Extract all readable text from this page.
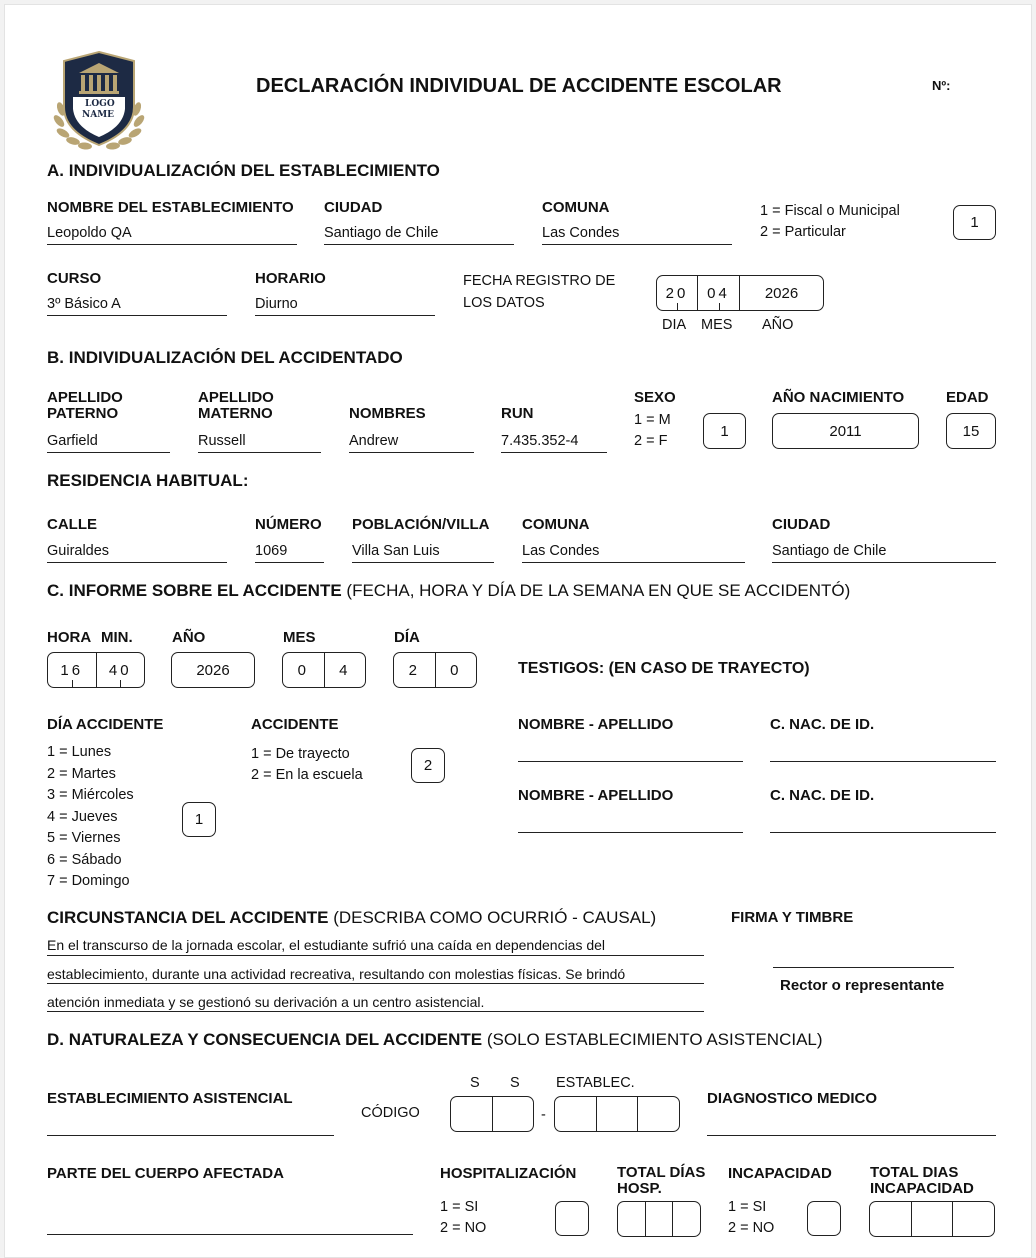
LOGO
NAME
DECLARACIÓN INDIVIDUAL DE ACCIDENTE ESCOLAR	Nº:
A. INDIVIDUALIZACIÓN DEL ESTABLECIMIENTO
NOMBRE DEL ESTABLECIMIENTO
Leopoldo QA
CIUDAD
Santiago de Chile
COMUNA
Las Condes
1 = Fiscal o Municipal
2 = Particular
1
CURSO
3º Básico A
HORARIO
Diurno
FECHA REGISTRO DE
LOS DATOS
20 04 2026
DIA MES AÑO
B. INDIVIDUALIZACIÓN DEL ACCIDENTADO
APELLIDO
PATERNO
Garfield
APELLIDO
MATERNO
Russell
NOMBRES
Andrew
RUN
7.435.352-4
SEXO
1 = M
2 = F
1
AÑO NACIMIENTO
2011
EDAD
15
RESIDENCIA HABITUAL:
CALLE
Guiraldes
NÚMERO
1069
POBLACIÓN/VILLA
Villa San Luis
COMUNA
Las Condes
CIUDAD
Santiago de Chile
C. INFORME SOBRE EL ACCIDENTE (FECHA, HORA Y DÍA DE LA SEMANA EN QUE SE ACCIDENTÓ)
HORA MIN.
16 40
AÑO
2026
MES
0	4
DÍA
2	0	TESTIGOS: (EN CASO DE TRAYECTO)
DÍA ACCIDENTE
1 = Lunes
2 = Martes
3 = Miércoles
4 = Jueves
5 = Viernes
6 = Sábado
7 = Domingo
1
ACCIDENTE
1 = De trayecto
2 = En la escuela
2
NOMBRE - APELLIDO	C. NAC. DE ID.
NOMBRE - APELLIDO	C. NAC. DE ID.
CIRCUNSTANCIA DEL ACCIDENTE (DESCRIBA COMO OCURRIÓ - CAUSAL)
En el transcurso de la jornada escolar, el estudiante sufrió una caída en dependencias del
establecimiento, durante una actividad recreativa, resultando con molestias físicas. Se brindó
atención inmediata y se gestionó su derivación a un centro asistencial.
FIRMA Y TIMBRE
Rector o representante
D. NATURALEZA Y CONSECUENCIA DEL ACCIDENTE (SOLO ESTABLECIMIENTO ASISTENCIAL)
ESTABLECIMIENTO ASISTENCIAL
CÓDIGO
S S	ESTABLEC.
-
DIAGNOSTICO MEDICO
PARTE DEL CUERPO AFECTADA	HOSPITALIZACIÓN
1 = SI
2 = NO
TOTAL DÍAS
HOSP.
INCAPACIDAD
1 = SI
2 = NO
TOTAL DIAS
INCAPACIDAD
